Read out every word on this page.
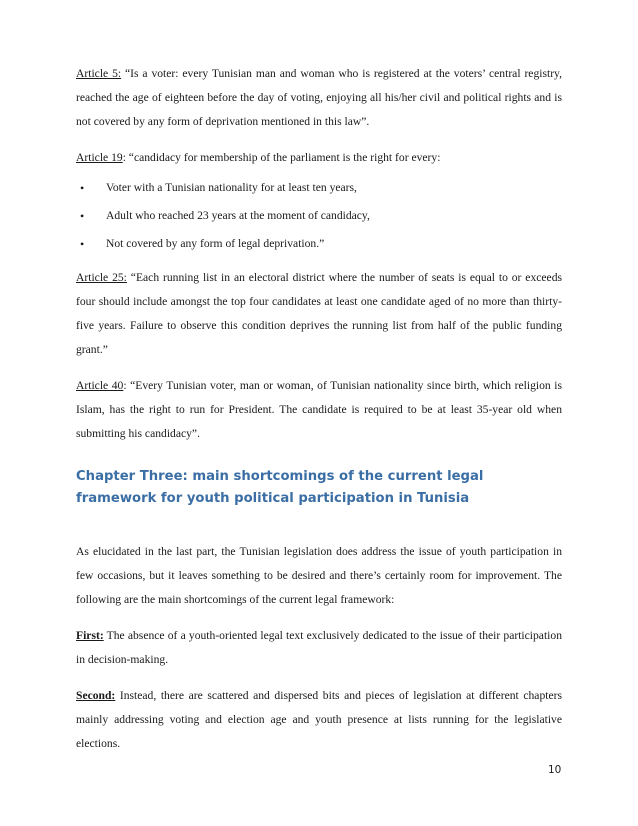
Article 5: “Is a voter: every Tunisian man and woman who is registered at the voters’ central registry, reached the age of eighteen before the day of voting, enjoying all his/her civil and political rights and is not covered by any form of deprivation mentioned in this law”.

Article 19: “candidacy for membership of the parliament is the right for every:

• Voter with a Tunisian nationality for at least ten years,
• Adult who reached 23 years at the moment of candidacy,
• Not covered by any form of legal deprivation.”

Article 25: “Each running list in an electoral district where the number of seats is equal to or exceeds four should include amongst the top four candidates at least one candidate aged of no more than thirty-five years. Failure to observe this condition deprives the running list from half of the public funding grant.”

Article 40: “Every Tunisian voter, man or woman, of Tunisian nationality since birth, which religion is Islam, has the right to run for President. The candidate is required to be at least 35-year old when submitting his candidacy”.

Chapter Three: main shortcomings of the current legal framework for youth political participation in Tunisia

As elucidated in the last part, the Tunisian legislation does address the issue of youth participation in few occasions, but it leaves something to be desired and there’s certainly room for improvement. The following are the main shortcomings of the current legal framework:

First: The absence of a youth-oriented legal text exclusively dedicated to the issue of their participation in decision-making.

Second: Instead, there are scattered and dispersed bits and pieces of legislation at different chapters mainly addressing voting and election age and youth presence at lists running for the legislative elections.

10
